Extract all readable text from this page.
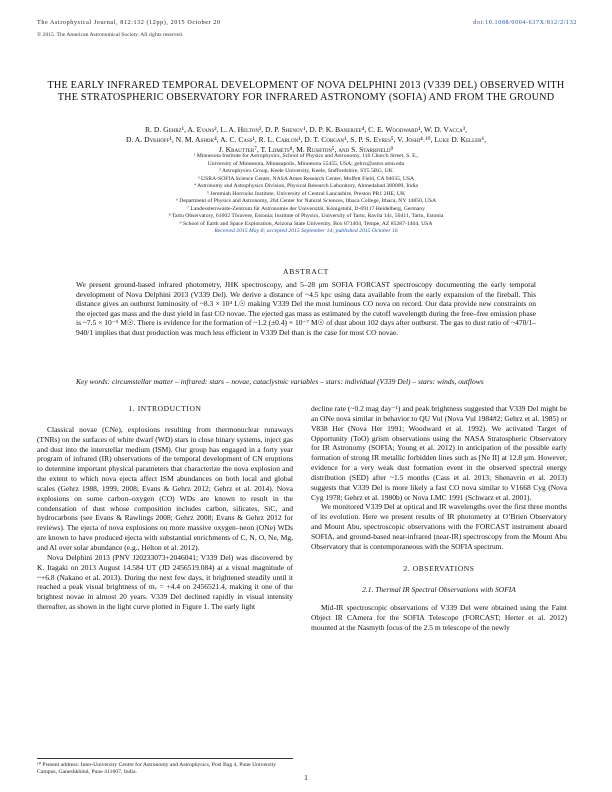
The Astrophysical Journal, 812:132 (12pp), 2015 October 20	doi:10.1088/0004-637X/812/2/132
© 2015. The American Astronomical Society. All rights reserved.
THE EARLY INFRARED TEMPORAL DEVELOPMENT OF NOVA DELPHINI 2013 (V339 DEL) OBSERVED WITH THE STRATOSPHERIC OBSERVATORY FOR INFRARED ASTRONOMY (SOFIA) AND FROM THE GROUND
R. D. Gehrz¹, A. Evans², L. A. Helton³, D. P. Shenoy¹, D. P. K. Banerjee⁴, C. E. Woodward¹, W. D. Vacca³,
D. A. Dykhoff¹, N. M. Ashok⁴, A. C. Cass¹, R. L. Carlon¹, D. T. Corgan¹, S. P. S. Eyres⁵, V. Joshi⁴˒¹⁰, Luke D. Keller⁶,
J. Krautter⁷, T. Liimets⁸, M. Rushton⁵, and S. Starrfield⁹
¹ Minnesota Institute for Astrophysics, School of Physics and Astronomy, 116 Church Street, S. E.,
University of Minnesota, Minneapolis, Minnesota 55455, USA; gehrz@astro.umn.edu
² Astrophysics Group, Keele University, Keele, Staffordshire, ST5 5BG, UK
³ USRA-SOFIA Science Center, NASA Ames Research Center, Moffett Field, CA 94035, USA
⁴ Astronomy and Astrophysics Division, Physical Research Laboratory, Ahmedabad 380009, India
⁵ Jeremiah Horrocks Institute, University of Central Lancashire, Preston PR1 2HE, UK
⁶ Department of Physics and Astronomy, 264 Center for Natural Sciences, Ithaca College, Ithaca, NY 14850, USA
⁷ Landessternwarte-Zentrum für Astronomie der Universität, Königstuhl, D-69117 Heidelberg, Germany
⁸ Tartu Observatory, 61602 Tõravere, Estonia; Institute of Physics, University of Tartu, Ravila 14c, 50411, Tartu, Estonia
⁹ School of Earth and Space Exploration, Arizona State University, Box 871404, Tempe, AZ 85287-1404, USA
Received 2015 May 8; accepted 2015 September 14; published 2015 October 16
ABSTRACT
We present ground-based infrared photometry, JHK spectroscopy, and 5–28 μm SOFIA FORCAST spectroscopy documenting the early temporal development of Nova Delphini 2013 (V339 Del). We derive a distance of ~4.5 kpc using data available from the early expansion of the fireball. This distance gives an outburst luminosity of ~8.3 × 10⁴ L☉ making V339 Del the most luminous CO nova on record. Our data provide new constraints on the ejected gas mass and the dust yield in fast CO novae. The ejected gas mass as estimated by the cutoff wavelength during the free–free emission phase is ~7.5 × 10⁻⁵ M☉. There is evidence for the formation of ~1.2 (±0.4) × 10⁻⁷ M☉ of dust about 102 days after outburst. The gas to dust ratio of ~470/1–940/1 implies that dust production was much less efficient in V339 Del than is the case for most CO novae.
Key words: circumstellar matter – infrared: stars – novae, cataclysmic variables – stars: individual (V339 Del) – stars: winds, outflows
1. INTRODUCTION

Classical novae (CNe), explosions resulting from thermonuclear runaways (TNRs) on the surfaces of white dwarf (WD) stars in close binary systems, inject gas and dust into the interstellar medium (ISM). Our group has engaged in a forty year program of infrared (IR) observations of the temporal development of CN eruptions to determine important physical parameters that characterize the nova explosion and the extent to which nova ejecta affect ISM abundances on both local and global scales (Gehrz 1988, 1999, 2008; Evans & Gehrz 2012; Gehrz et al. 2014). Nova explosions on some carbon–oxygen (CO) WDs are known to result in the condensation of dust whose composition includes carbon, silicates, SiC, and hydrocarbons (see Evans & Rawlings 2008; Gehrz 2008; Evans & Gehrz 2012 for reviews). The ejecta of nova explosions on more massive oxygen–neon (ONe) WDs are known to have produced ejecta with substantial enrichments of C, N, O, Ne, Mg, and Al over solar abundance (e.g., Helton et al. 2012).

Nova Delphini 2013 (PNV J20233073+2046041; V339 Del) was discovered by K. Itagaki on 2013 August 14.584 UT (JD 2456519.084) at a visual magnitude of ~+6.8 (Nakano et al. 2013). During the next few days, it brightened steadily until it reached a peak visual brightness of mᵥ = +4.4 on 2456521.4, making it one of the brightest novae in almost 20 years. V339 Del declined rapidly in visual intensity thereafter, as shown in the light curve plotted in Figure 1. The early light

decline rate (~0.2 mag day⁻¹) and peak brightness suggested that V339 Del might be an ONe nova similar in behavior to QU Vul (Nova Vul 1984#2; Gehrz et al. 1985) or V838 Her (Nova Her 1991; Woodward et al. 1992). We activated Target of Opportunity (ToO) grism observations using the NASA Stratospheric Observatory for IR Astronomy (SOFIA; Young et al. 2012) in anticipation of the possible early formation of strong IR metallic forbidden lines such as [Ne II] at 12.8 μm. However, evidence for a very weak dust formation event in the observed spectral energy distribution (SED) after ~1.5 months (Cass et al. 2013; Shenavrin et al. 2013) suggests that V339 Del is more likely a fast CO nova similar to V1668 Cyg (Nova Cyg 1978; Gehrz et al. 1980b) or Nova LMC 1991 (Schwarz et al. 2001).

We monitored V339 Del at optical and IR wavelengths over the first three months of its evolution. Here we present results of IR photometry at O’Brien Observatory and Mount Abu, spectroscopic observations with the FORCAST instrument aboard SOFIA, and ground-based near-infrared (near-IR) spectroscopy from the Mount Abu Observatory that is contemporaneous with the SOFIA spectrum.

2. OBSERVATIONS
2.1. Thermal IR Spectral Observations with SOFIA

Mid-IR spectroscopic observations of V339 Del were obtained using the Faint Object IR CAmera for the SOFIA Telescope (FORCAST; Herter et al. 2012) mounted at the Nasmyth focus of the 2.5 m telescope of the newly

¹⁰ Present address: Inter-University Centre for Astronomy and Astrophysics, Post Bag 4, Pune University Campus, Ganeshkhind, Pune 411007, India.
1
